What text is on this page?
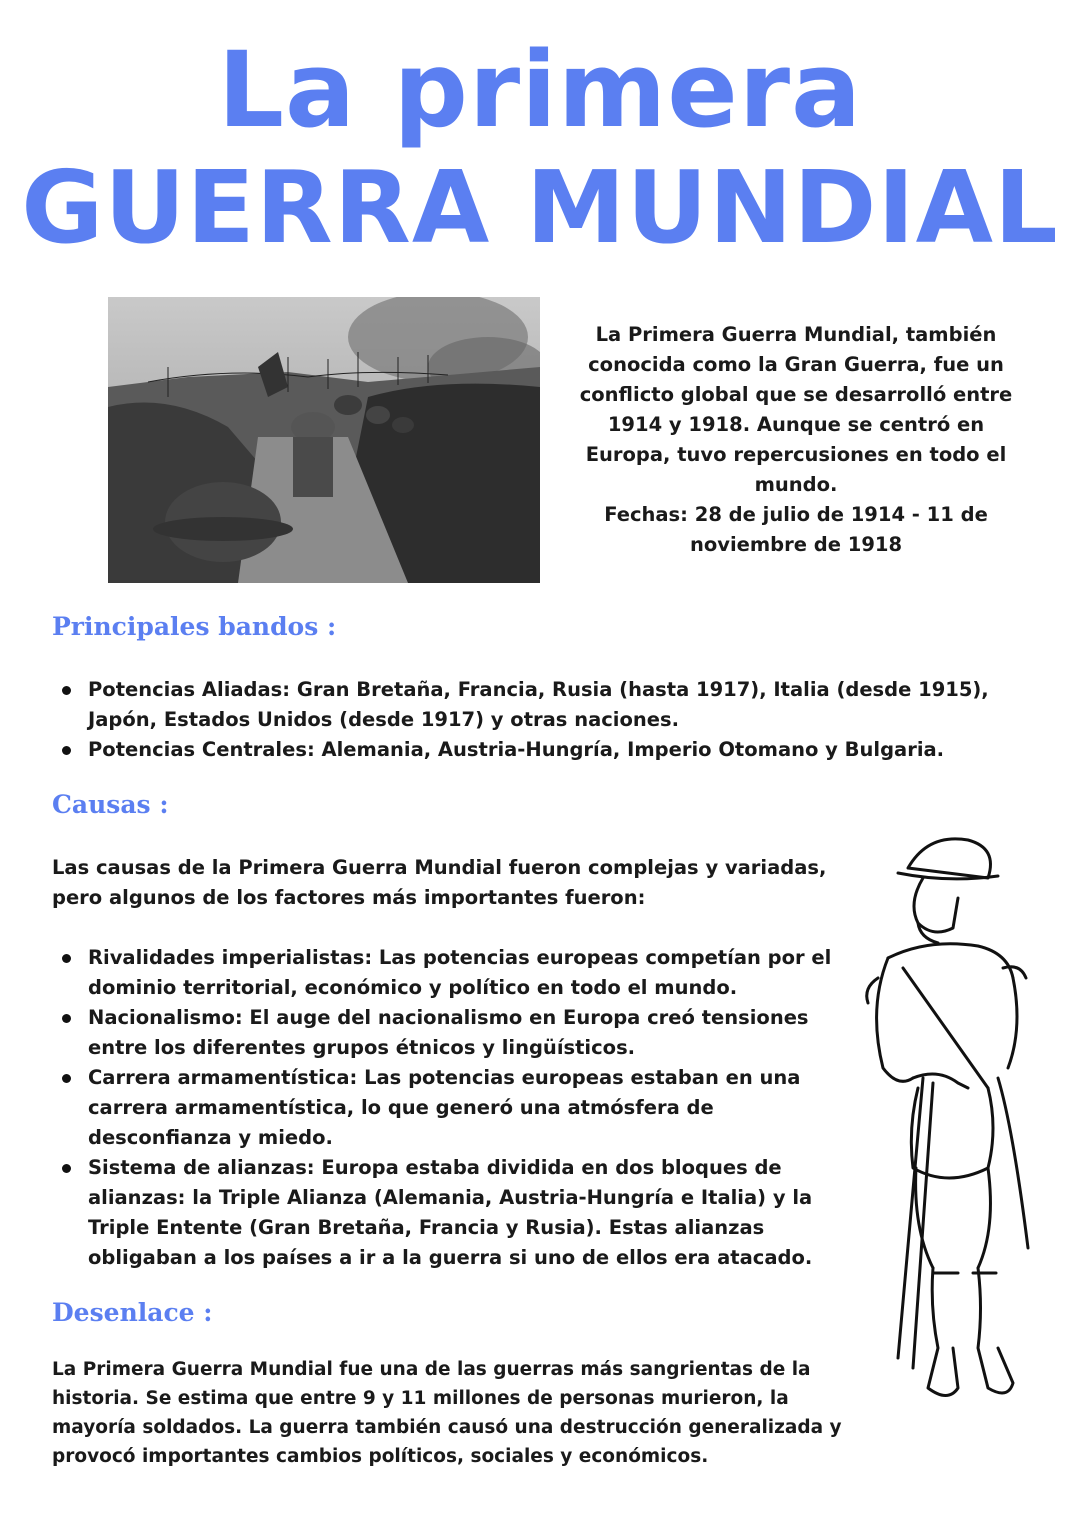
La primera
GUERRA MUNDIAL
La Primera Guerra Mundial, también conocida como la Gran Guerra, fue un conflicto global que se desarrolló entre 1914 y 1918. Aunque se centró en Europa, tuvo repercusiones en todo el mundo.
Fechas: 28 de julio de 1914 - 11 de noviembre de 1918
Principales bandos :
Potencias Aliadas: Gran Bretaña, Francia, Rusia (hasta 1917), Italia (desde 1915), Japón, Estados Unidos (desde 1917) y otras naciones.
Potencias Centrales: Alemania, Austria-Hungría, Imperio Otomano y Bulgaria.
Causas :
Las causas de la Primera Guerra Mundial fueron complejas y variadas, pero algunos de los factores más importantes fueron:
Rivalidades imperialistas: Las potencias europeas competían por el dominio territorial, económico y político en todo el mundo.
Nacionalismo: El auge del nacionalismo en Europa creó tensiones entre los diferentes grupos étnicos y lingüísticos.
Carrera armamentística: Las potencias europeas estaban en una carrera armamentística, lo que generó una atmósfera de desconfianza y miedo.
Sistema de alianzas: Europa estaba dividida en dos bloques de alianzas: la Triple Alianza (Alemania, Austria-Hungría e Italia) y la Triple Entente (Gran Bretaña, Francia y Rusia). Estas alianzas obligaban a los países a ir a la guerra si uno de ellos era atacado.
Desenlace :
La Primera Guerra Mundial fue una de las guerras más sangrientas de la historia. Se estima que entre 9 y 11 millones de personas murieron, la mayoría soldados. La guerra también causó una destrucción generalizada y provocó importantes cambios políticos, sociales y económicos.
